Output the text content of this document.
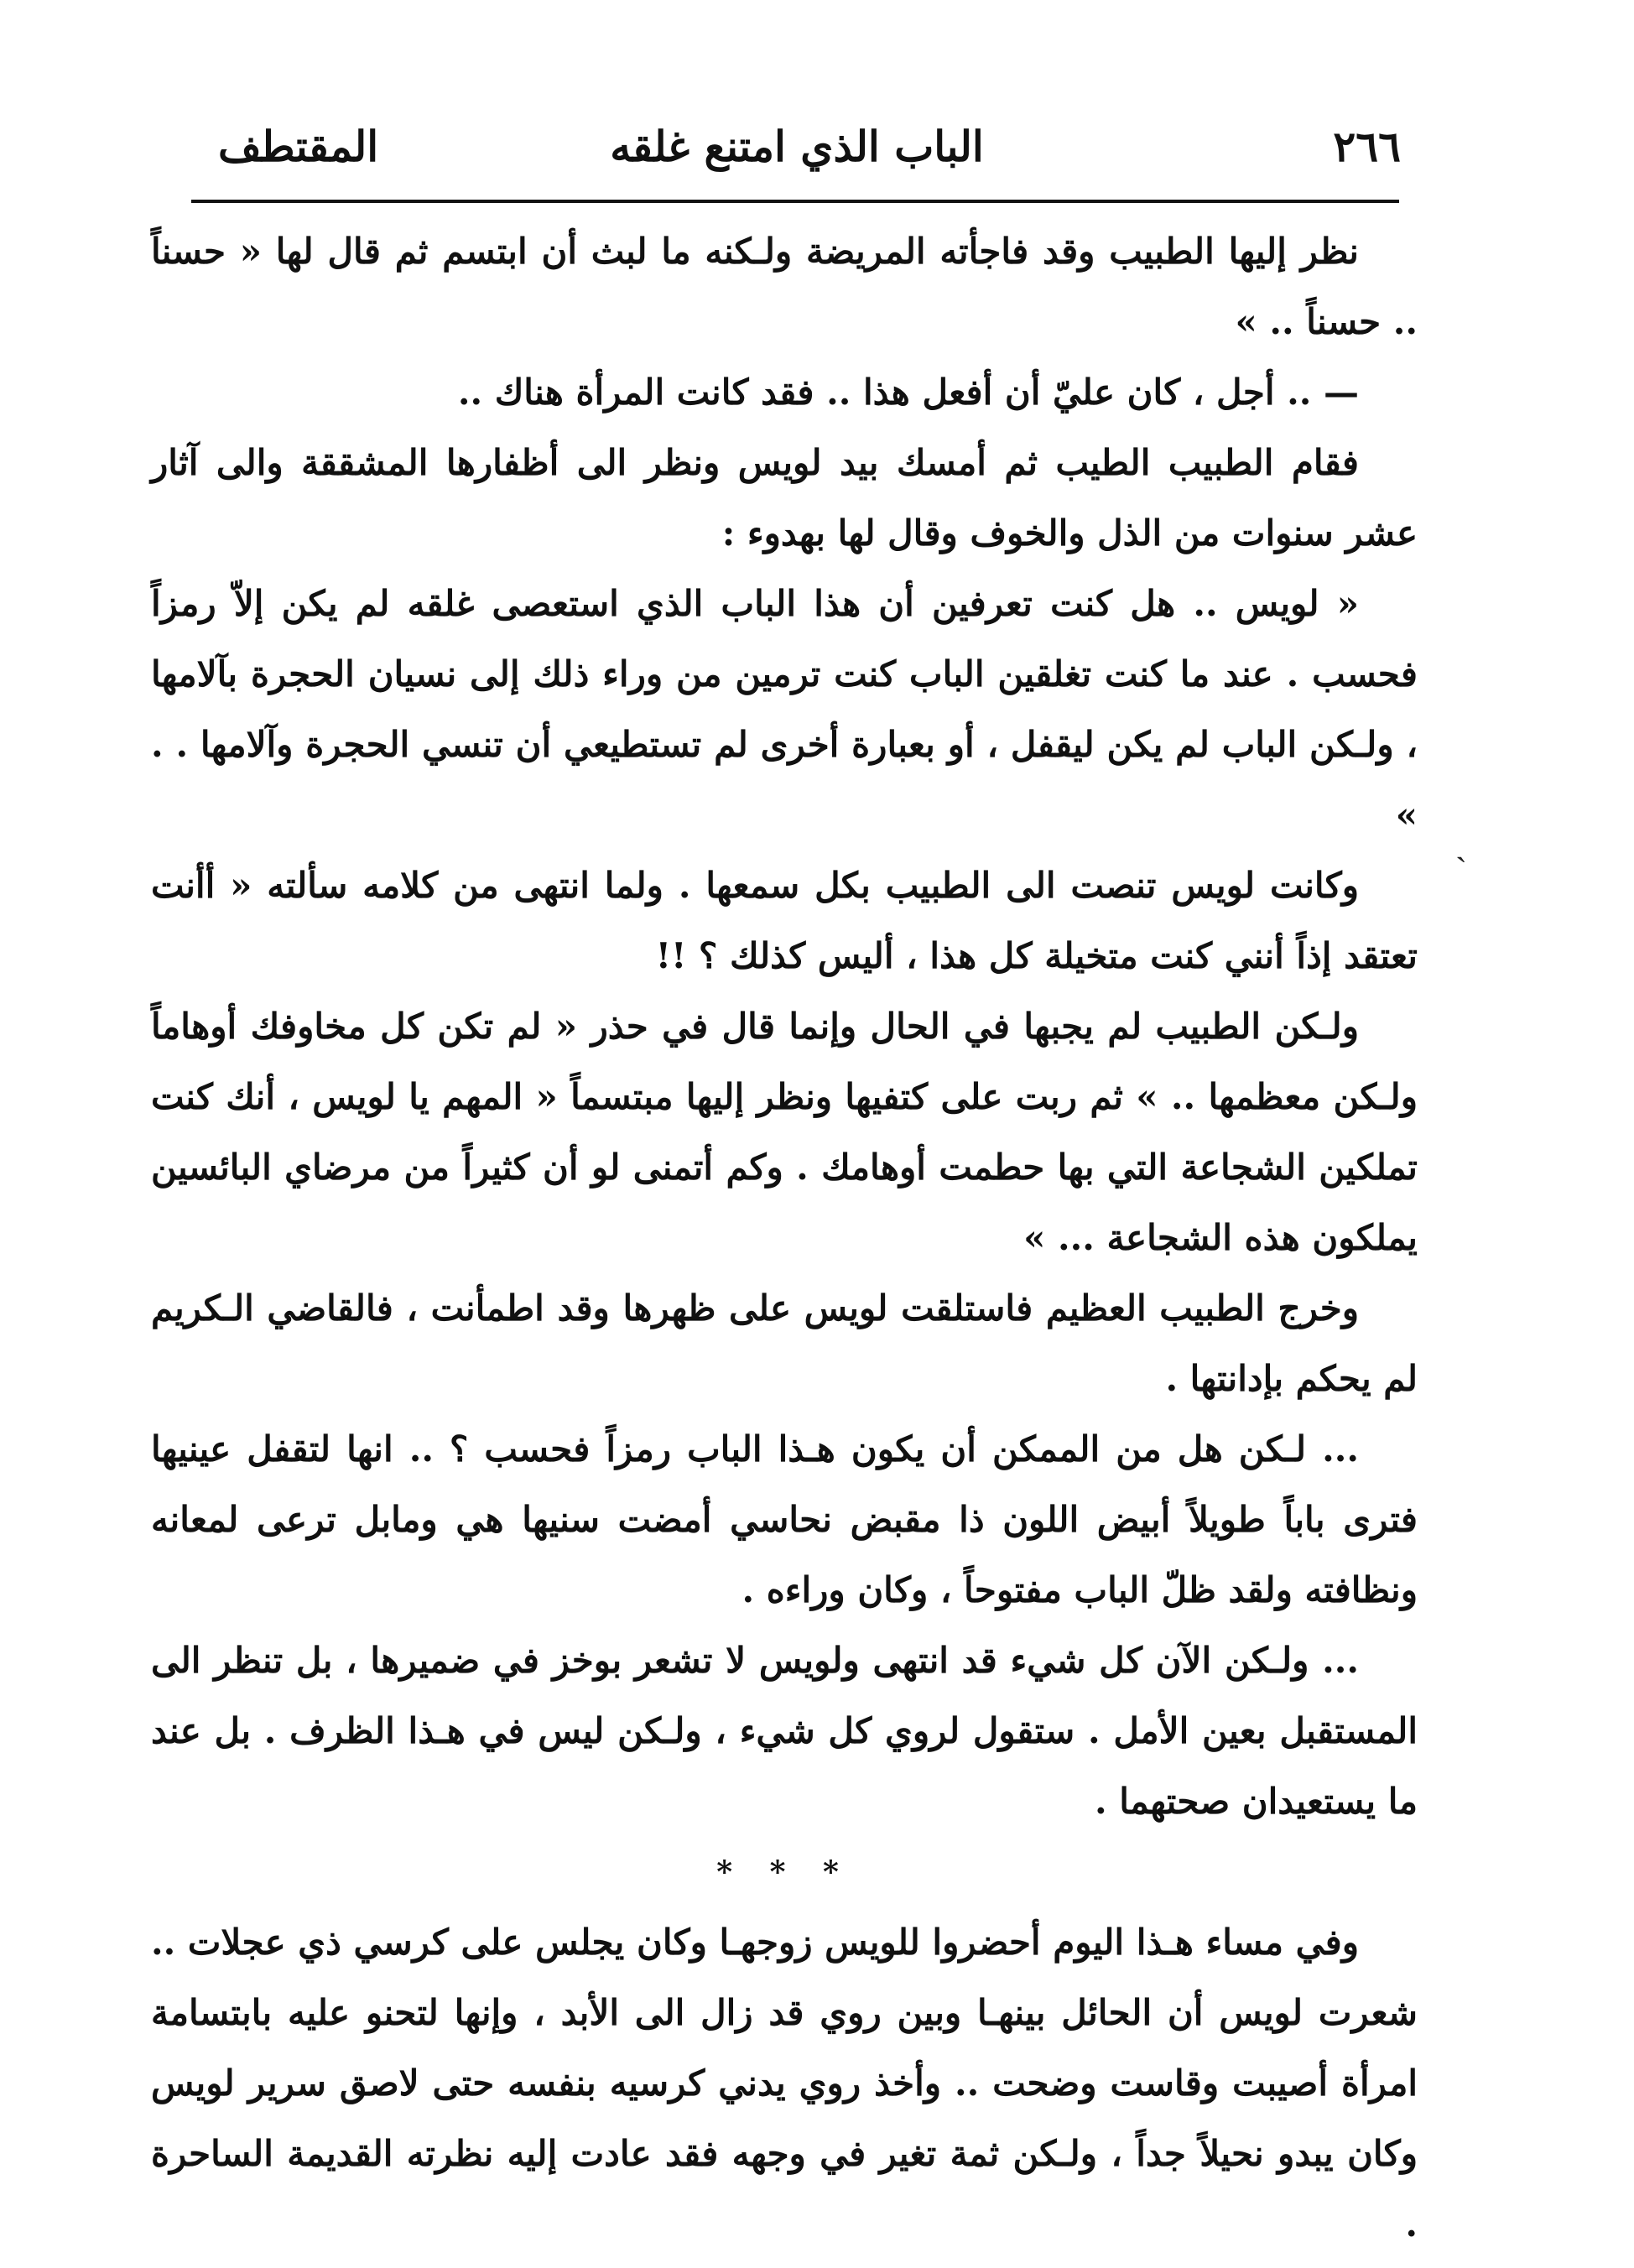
٢٦٦
الباب الذي امتنع غلقه
المقتطف
ˎ

نظر إليها الطبيب وقد فاجأته المريضة ولـكنه ما لبث أن ابتسم ثم قال لها « حسناً .. حسناً .. »

— .. أجل ، كان عليّ أن أفعل هذا .. فقد كانت المرأة هناك ..

فقام الطبيب الطيب ثم أمسك بيد لويس ونظر الى أظفارها المشققة والى آثار عشر سنوات من الذل والخوف وقال لها بهدوء :

« لويس .. هل كنت تعرفين أن هذا الباب الذي استعصى غلقه لم يكن إلاّ رمزاً فحسب . عند ما كنت تغلقين الباب كنت ترمين من وراء ذلك إلى نسيان الحجرة بآلامها ، ولـكن الباب لم يكن ليقفل ، أو بعبارة أخرى لم تستطيعي أن تنسي الحجرة وآلامها . . »

وكانت لويس تنصت الى الطبيب بكل سمعها . ولما انتهى من كلامه سألته « أأنت تعتقد إذاً أنني كنت متخيلة كل هذا ، أليس كذلك ؟ !!

ولـكن الطبيب لم يجبها في الحال وإنما قال في حذر « لم تكن كل مخاوفك أوهاماً ولـكن معظمها .. » ثم ربت على كتفيها ونظر إليها مبتسماً « المهم يا لويس ، أنك كنت تملكين الشجاعة التي بها حطمت أوهامك . وكم أتمنى لو أن كثيراً من مرضاي البائسين يملكون هذه الشجاعة ... »

وخرج الطبيب العظيم فاستلقت لويس على ظهرها وقد اطمأنت ، فالقاضي الـكريم لم يحكم بإدانتها .

... لـكن هل من الممكن أن يكون هـذا الباب رمزاً فحسب ؟ .. انها لتقفل عينيها فترى باباً طويلاً أبيض اللون ذا مقبض نحاسي أمضت سنيها هي ومابل ترعى لمعانه ونظافته ولقد ظلّ الباب مفتوحاً ، وكان وراءه .

... ولـكن الآن كل شيء قد انتهى ولويس لا تشعر بوخز في ضميرها ، بل تنظر الى المستقبل بعين الأمل . ستقول لروي كل شيء ، ولـكن ليس في هـذا الظرف . بل عند ما يستعيدان صحتهما .

* * *

وفي مساء هـذا اليوم أحضروا للويس زوجهـا وكان يجلس على كرسي ذي عجلات .. شعرت لويس أن الحائل بينهـا وبين روي قد زال الى الأبد ، وإنها لتحنو عليه بابتسامة امرأة أصيبت وقاست وضحت .. وأخذ روي يدني كرسيه بنفسه حتى لاصق سرير لويس وكان يبدو نحيلاً جداً ، ولـكن ثمة تغير في وجهه فقد عادت إليه نظرته القديمة الساحرة .
